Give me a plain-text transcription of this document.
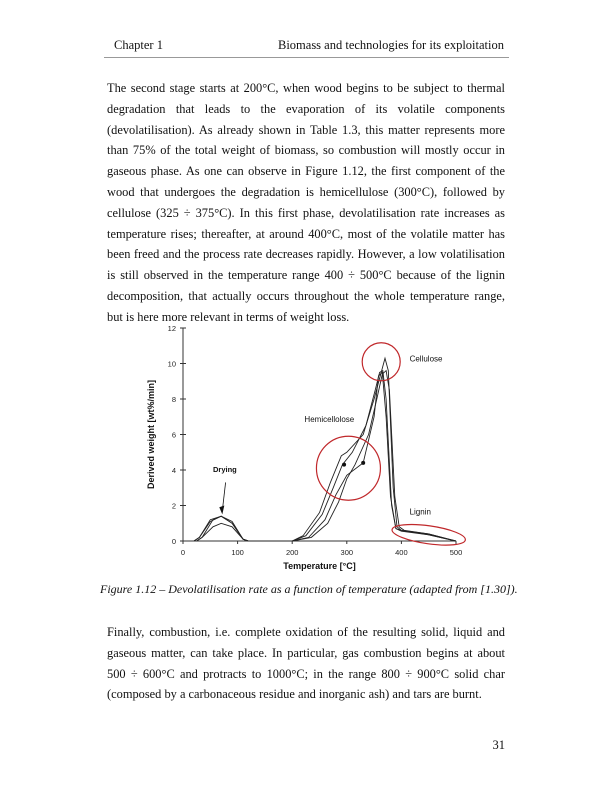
Chapter 1	Biomass and technologies for its exploitation
The second stage starts at 200°C, when wood begins to be subject to thermal degradation that leads to the evaporation of its volatile components (devolatilisation). As already shown in Table 1.3, this matter represents more than 75% of the total weight of biomass, so combustion will mostly occur in gaseous phase. As one can observe in Figure 1.12, the first component of the wood that undergoes the degradation is hemicellulose (300°C), followed by cellulose (325 ÷ 375°C). In this first phase, devolatilisation rate increases as temperature rises; thereafter, at around 400°C, most of the volatile matter has been freed and the process rate decreases rapidly. However, a low volatilisation is still observed in the temperature range 400 ÷ 500°C because of the lignin decomposition, that actually occurs throughout the whole temperature range, but is here more relevant in terms of weight loss.
0	100	200	300	400	500
0
2
4
6
8
10
12
Temperature [°C]
Derived weight [wt%/min]	Drying
Hemicellolose
Cellulose
Lignin
Figure 1.12 – Devolatilisation rate as a function of temperature (adapted from [1.30]).
Finally, combustion, i.e. complete oxidation of the resulting solid, liquid and gaseous matter, can take place. In particular, gas combustion begins at about 500 ÷ 600°C and protracts to 1000°C; in the range 800 ÷ 900°C solid char (composed by a carbonaceous residue and inorganic ash) and tars are burnt.
31
